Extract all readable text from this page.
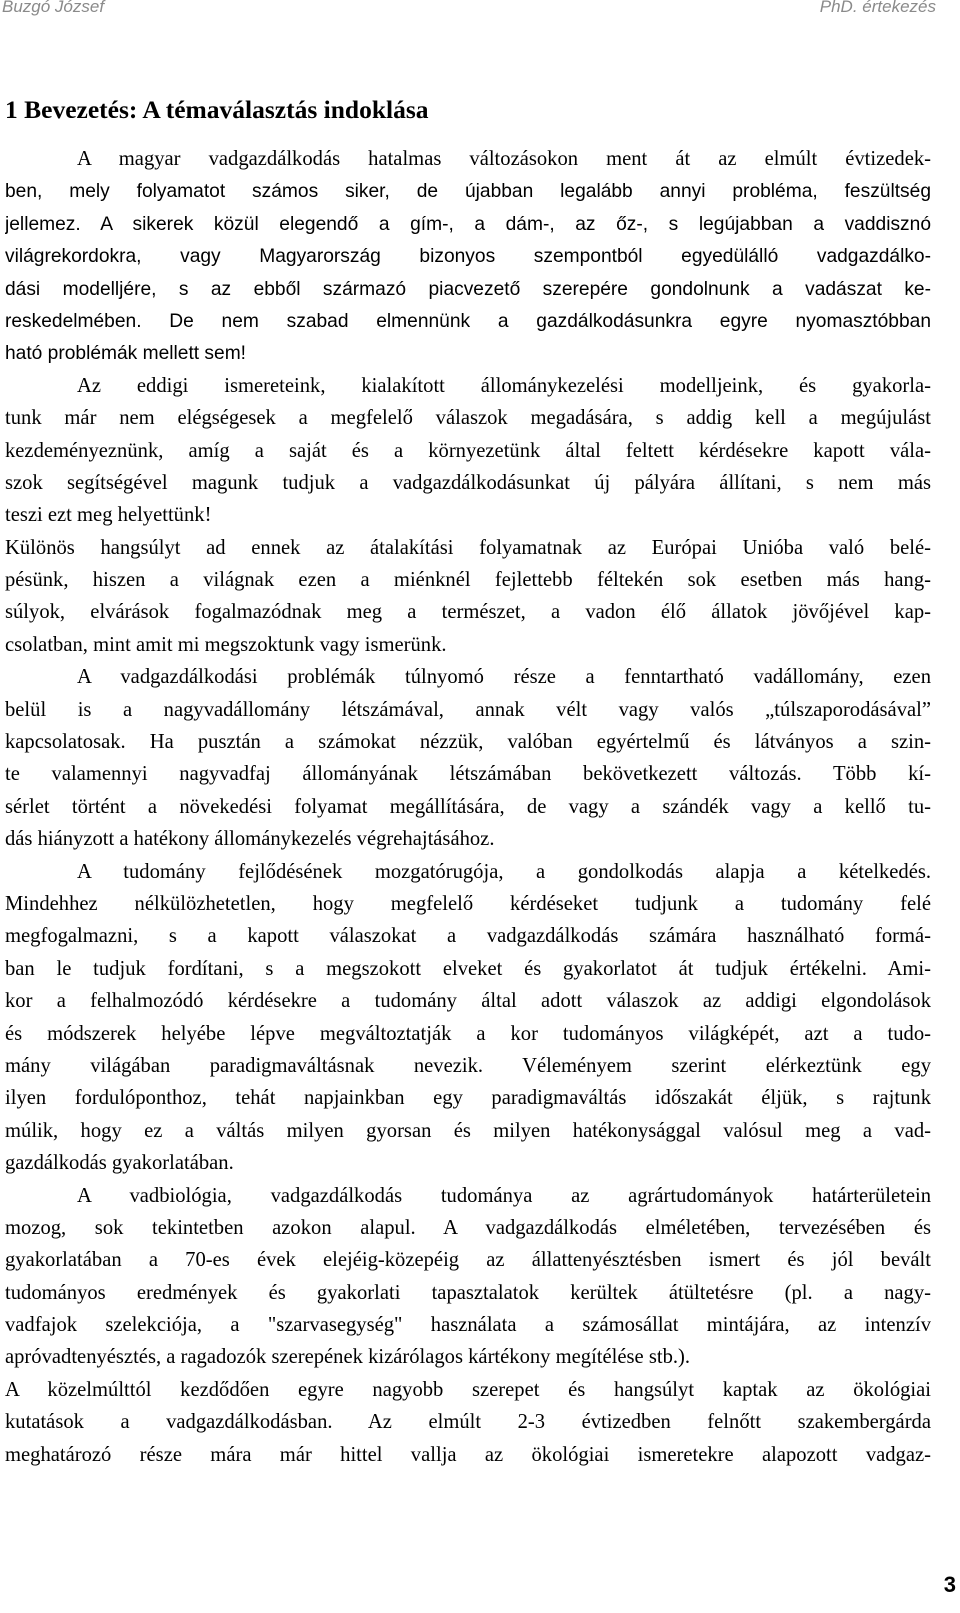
Buzgó József	PhD. értekezés
1 Bevezetés: A témaválasztás indoklása
A magyar vadgazdálkodás hatalmas változásokon ment át az elmúlt évtizedek-
ben, mely folyamatot számos siker, de újabban legalább annyi probléma, feszültség
jellemez. A sikerek közül elegendő a gím-, a dám-, az őz-, s legújabban a vaddisznó
világrekordokra, vagy Magyarország bizonyos szempontból egyedülálló vadgazdálko-
dási modelljére, s az ebből származó piacvezető szerepére gondolnunk a vadászat ke-
reskedelmében. De nem szabad elmennünk a gazdálkodásunkra egyre nyomasztóbban
ható problémák mellett sem!
Az eddigi ismereteink, kialakított állománykezelési modelljeink, és gyakorla-
tunk már nem elégségesek a megfelelő válaszok megadására, s addig kell a megújulást
kezdeményeznünk, amíg a saját és a környezetünk által feltett kérdésekre kapott vála-
szok segítségével magunk tudjuk a vadgazdálkodásunkat új pályára állítani, s nem más
teszi ezt meg helyettünk!
Különös hangsúlyt ad ennek az átalakítási folyamatnak az Európai Unióba való belé-
pésünk, hiszen a világnak ezen a miénknél fejlettebb féltekén sok esetben más hang-
súlyok, elvárások fogalmazódnak meg a természet, a vadon élő állatok jövőjével kap-
csolatban, mint amit mi megszoktunk vagy ismerünk.
A vadgazdálkodási problémák túlnyomó része a fenntartható vadállomány, ezen
belül is a nagyvadállomány létszámával, annak vélt vagy valós „túlszaporodásával”
kapcsolatosak. Ha pusztán a számokat nézzük, valóban egyértelmű és látványos a szin-
te valamennyi nagyvadfaj állományának létszámában bekövetkezett változás. Több kí-
sérlet történt a növekedési folyamat megállítására, de vagy a szándék vagy a kellő tu-
dás hiányzott a hatékony állománykezelés végrehajtásához.
A tudomány fejlődésének mozgatórugója, a gondolkodás alapja a kételkedés.
Mindehhez nélkülözhetetlen, hogy megfelelő kérdéseket tudjunk a tudomány felé
megfogalmazni, s a kapott válaszokat a vadgazdálkodás számára használható formá-
ban le tudjuk fordítani, s a megszokott elveket és gyakorlatot át tudjuk értékelni. Ami-
kor a felhalmozódó kérdésekre a tudomány által adott válaszok az addigi elgondolások
és módszerek helyébe lépve megváltoztatják a kor tudományos világképét, azt a tudo-
mány világában paradigmaváltásnak nevezik. Véleményem szerint elérkeztünk egy
ilyen fordulóponthoz, tehát napjainkban egy paradigmaváltás időszakát éljük, s rajtunk
múlik, hogy ez a váltás milyen gyorsan és milyen hatékonysággal valósul meg a vad-
gazdálkodás gyakorlatában.
A vadbiológia, vadgazdálkodás tudománya az agrártudományok határterületein
mozog, sok tekintetben azokon alapul. A vadgazdálkodás elméletében, tervezésében és
gyakorlatában a 70-es évek elejéig-közepéig az állattenyésztésben ismert és jól bevált
tudományos eredmények és gyakorlati tapasztalatok kerültek átültetésre (pl. a nagy-
vadfajok szelekciója, a "szarvasegység" használata a számosállat mintájára, az intenzív
apróvadtenyésztés, a ragadozók szerepének kizárólagos kártékony megítélése stb.).
A közelmúlttól kezdődően egyre nagyobb szerepet és hangsúlyt kaptak az ökológiai
kutatások a vadgazdálkodásban. Az elmúlt 2-3 évtizedben felnőtt szakembergárda
meghatározó része mára már hittel vallja az ökológiai ismeretekre alapozott vadgaz-
3
